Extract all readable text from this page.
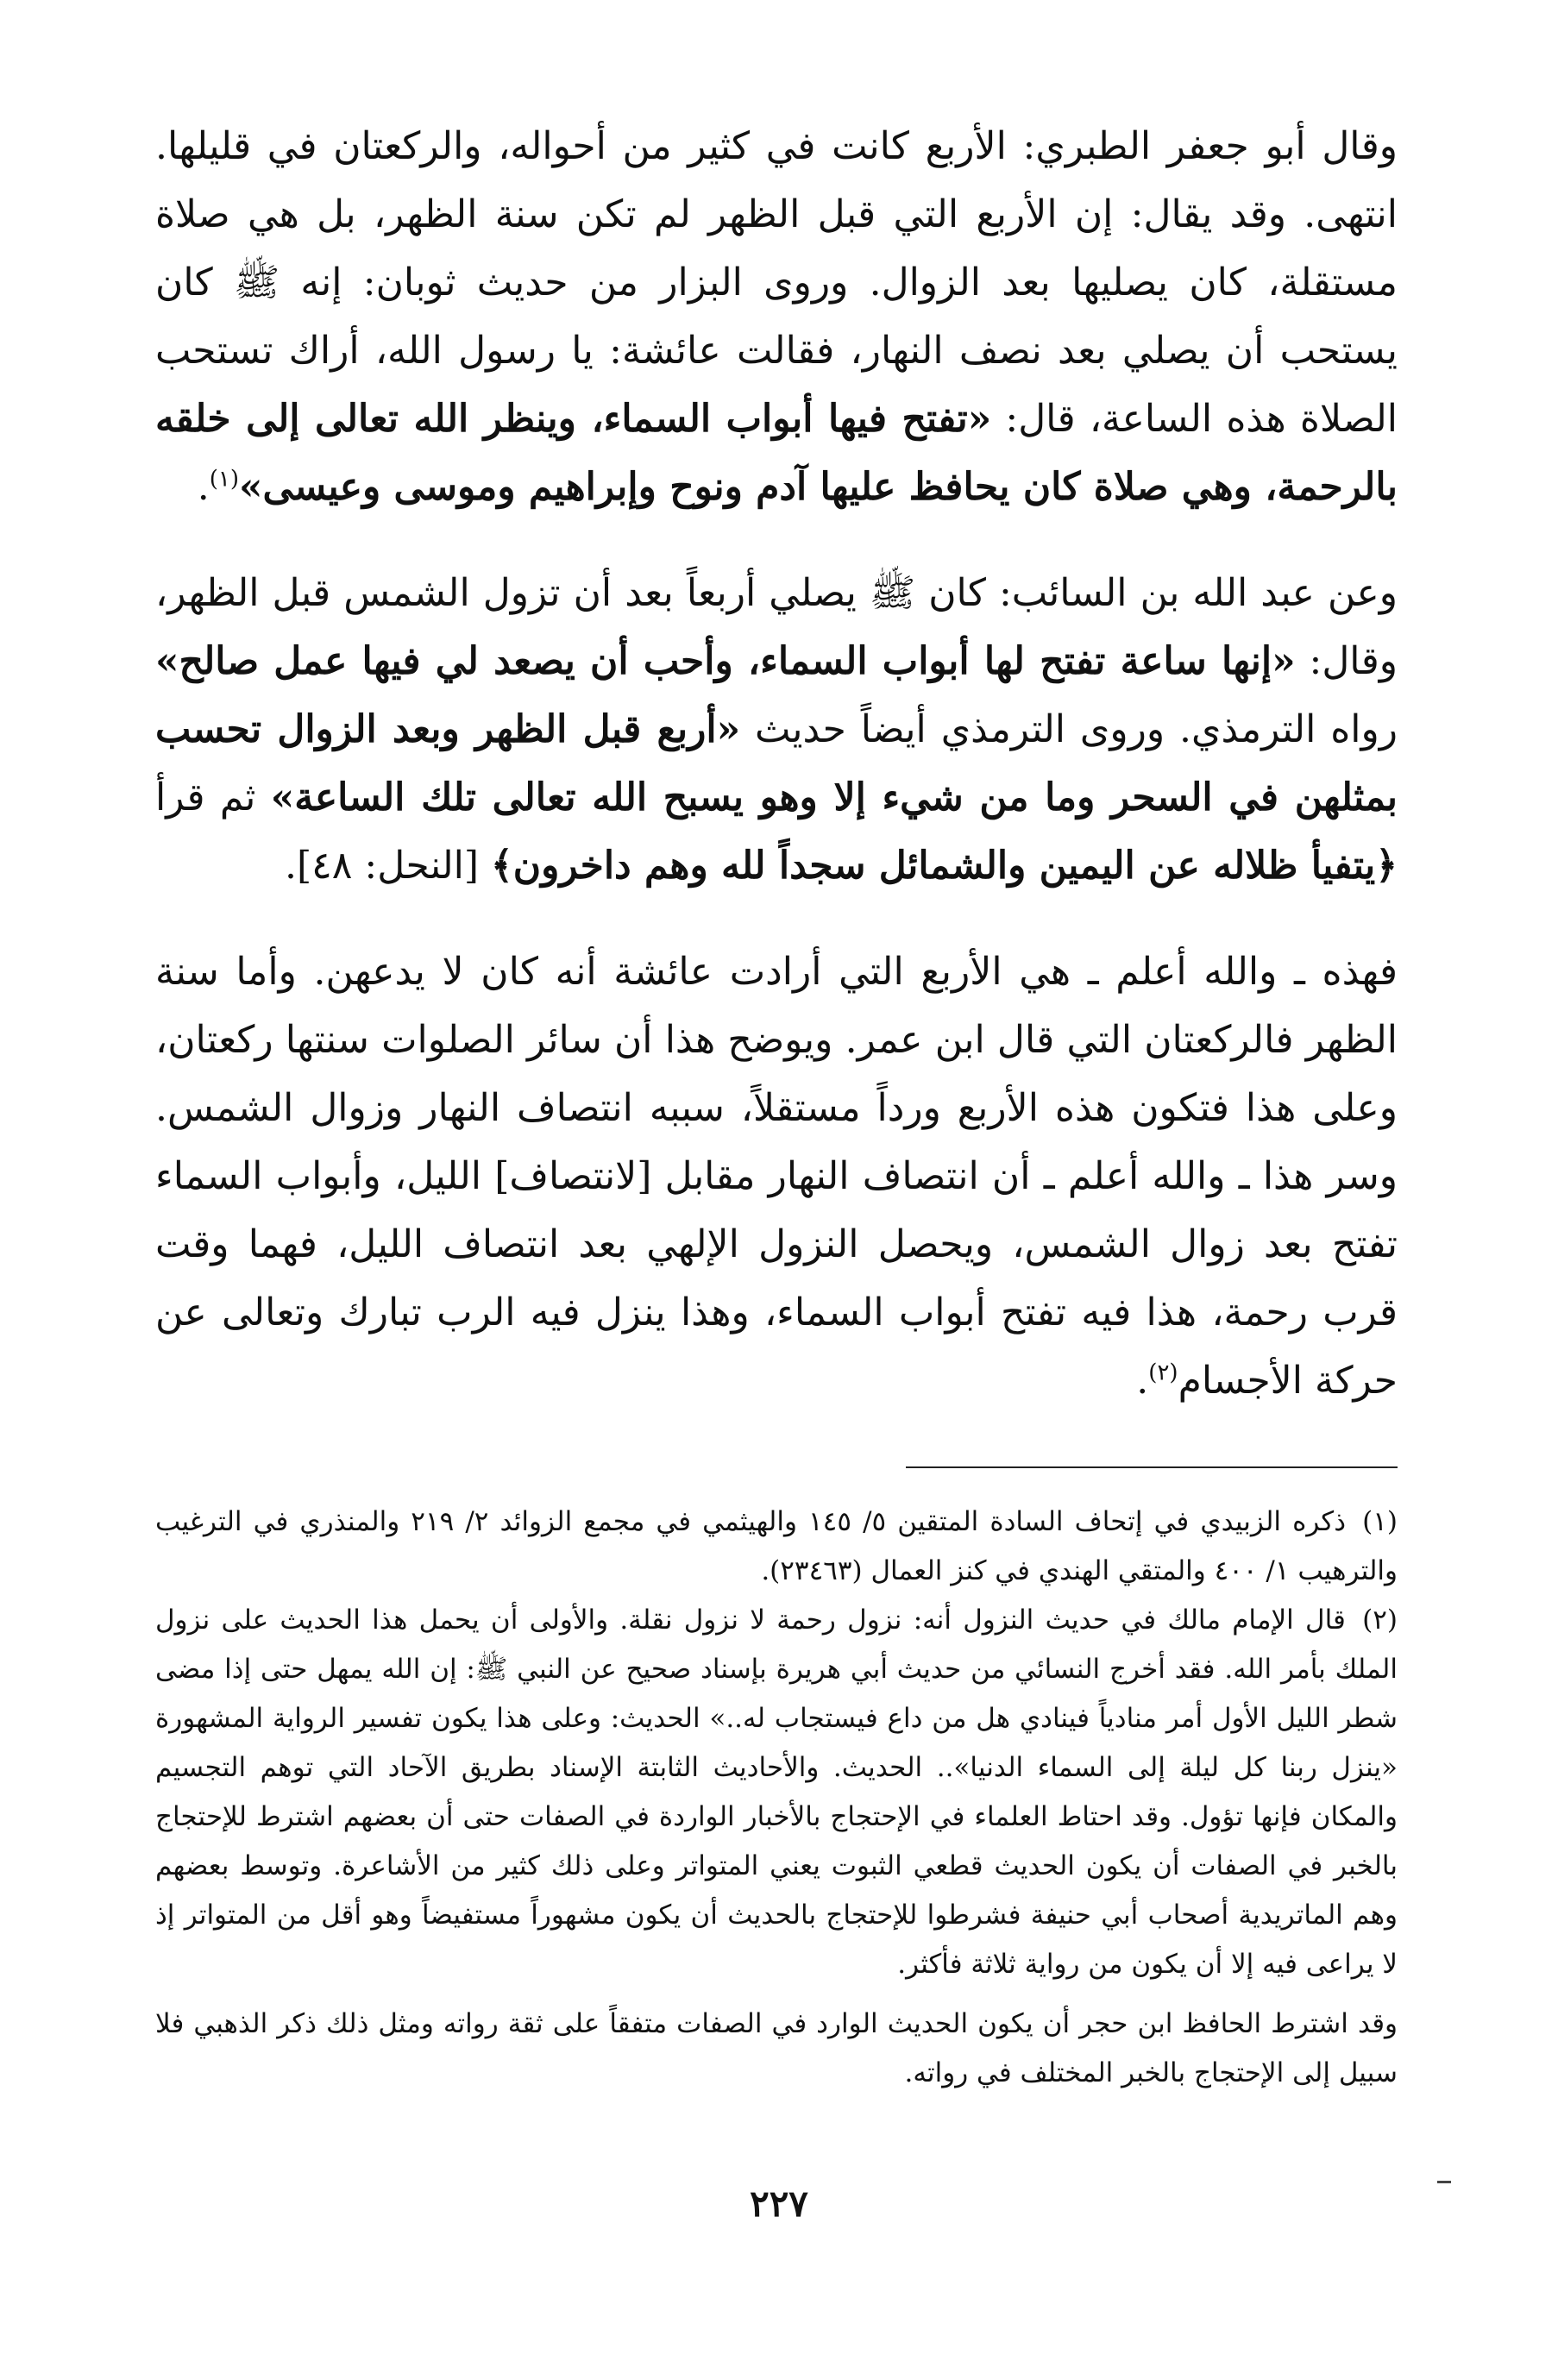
وقال أبو جعفر الطبري: الأربع كانت في كثير من أحواله، والركعتان في قليلها. انتهى. وقد يقال: إن الأربع التي قبل الظهر لم تكن سنة الظهر، بل هي صلاة مستقلة، كان يصليها بعد الزوال. وروى البزار من حديث ثوبان: إنه ﷺ كان يستحب أن يصلي بعد نصف النهار، فقالت عائشة: يا رسول الله، أراك تستحب الصلاة هذه الساعة، قال: «تفتح فيها أبواب السماء، وينظر الله تعالى إلى خلقه بالرحمة، وهي صلاة كان يحافظ عليها آدم ونوح وإبراهيم وموسى وعيسى»$^{(١)}$.

وعن عبد الله بن السائب: كان ﷺ يصلي أربعاً بعد أن تزول الشمس قبل الظهر، وقال: «إنها ساعة تفتح لها أبواب السماء، وأحب أن يصعد لي فيها عمل صالح» رواه الترمذي. وروى الترمذي أيضاً حديث «أربع قبل الظهر وبعد الزوال تحسب بمثلهن في السحر وما من شيء إلا وهو يسبح الله تعالى تلك الساعة» ثم قرأ ﴿يتفيأ ظلاله عن اليمين والشمائل سجداً لله وهم داخرون﴾ [النحل: ٤٨].

فهذه ـ والله أعلم ـ هي الأربع التي أرادت عائشة أنه كان لا يدعهن. وأما سنة الظهر فالركعتان التي قال ابن عمر. ويوضح هذا أن سائر الصلوات سنتها ركعتان، وعلى هذا فتكون هذه الأربع ورداً مستقلاً، سببه انتصاف النهار وزوال الشمس. وسر هذا ـ والله أعلم ـ أن انتصاف النهار مقابل [لانتصاف] الليل، وأبواب السماء تفتح بعد زوال الشمس، ويحصل النزول الإلهي بعد انتصاف الليل، فهما وقت قرب رحمة، هذا فيه تفتح أبواب السماء، وهذا ينزل فيه الرب تبارك وتعالى عن حركة الأجسام$^{(٢)}$.

(١) ذكره الزبيدي في إتحاف السادة المتقين ٥/ ١٤٥ والهيثمي في مجمع الزوائد ٢/ ٢١٩ والمنذري في الترغيب والترهيب ١/ ٤٠٠ والمتقي الهندي في كنز العمال (٢٣٤٦٣).

(٢) قال الإمام مالك في حديث النزول أنه: نزول رحمة لا نزول نقلة. والأولى أن يحمل هذا الحديث على نزول الملك بأمر الله. فقد أخرج النسائي من حديث أبي هريرة بإسناد صحيح عن النبي ﷺ: إن الله يمهل حتى إذا مضى شطر الليل الأول أمر منادياً فينادي هل من داع فيستجاب له..» الحديث: وعلى هذا يكون تفسير الرواية المشهورة «ينزل ربنا كل ليلة إلى السماء الدنيا».. الحديث. والأحاديث الثابتة الإسناد بطريق الآحاد التي توهم التجسيم والمكان فإنها تؤول. وقد احتاط العلماء في الإحتجاج بالأخبار الواردة في الصفات حتى أن بعضهم اشترط للإحتجاج بالخبر في الصفات أن يكون الحديث قطعي الثبوت يعني المتواتر وعلى ذلك كثير من الأشاعرة. وتوسط بعضهم وهم الماتريدية أصحاب أبي حنيفة فشرطوا للإحتجاج بالحديث أن يكون مشهوراً مستفيضاً وهو أقل من المتواتر إذ لا يراعى فيه إلا أن يكون من رواية ثلاثة فأكثر.

وقد اشترط الحافظ ابن حجر أن يكون الحديث الوارد في الصفات متفقاً على ثقة رواته ومثل ذلك ذكر الذهبي فلا سبيل إلى الإحتجاج بالخبر المختلف في رواته.

٢٢٧
